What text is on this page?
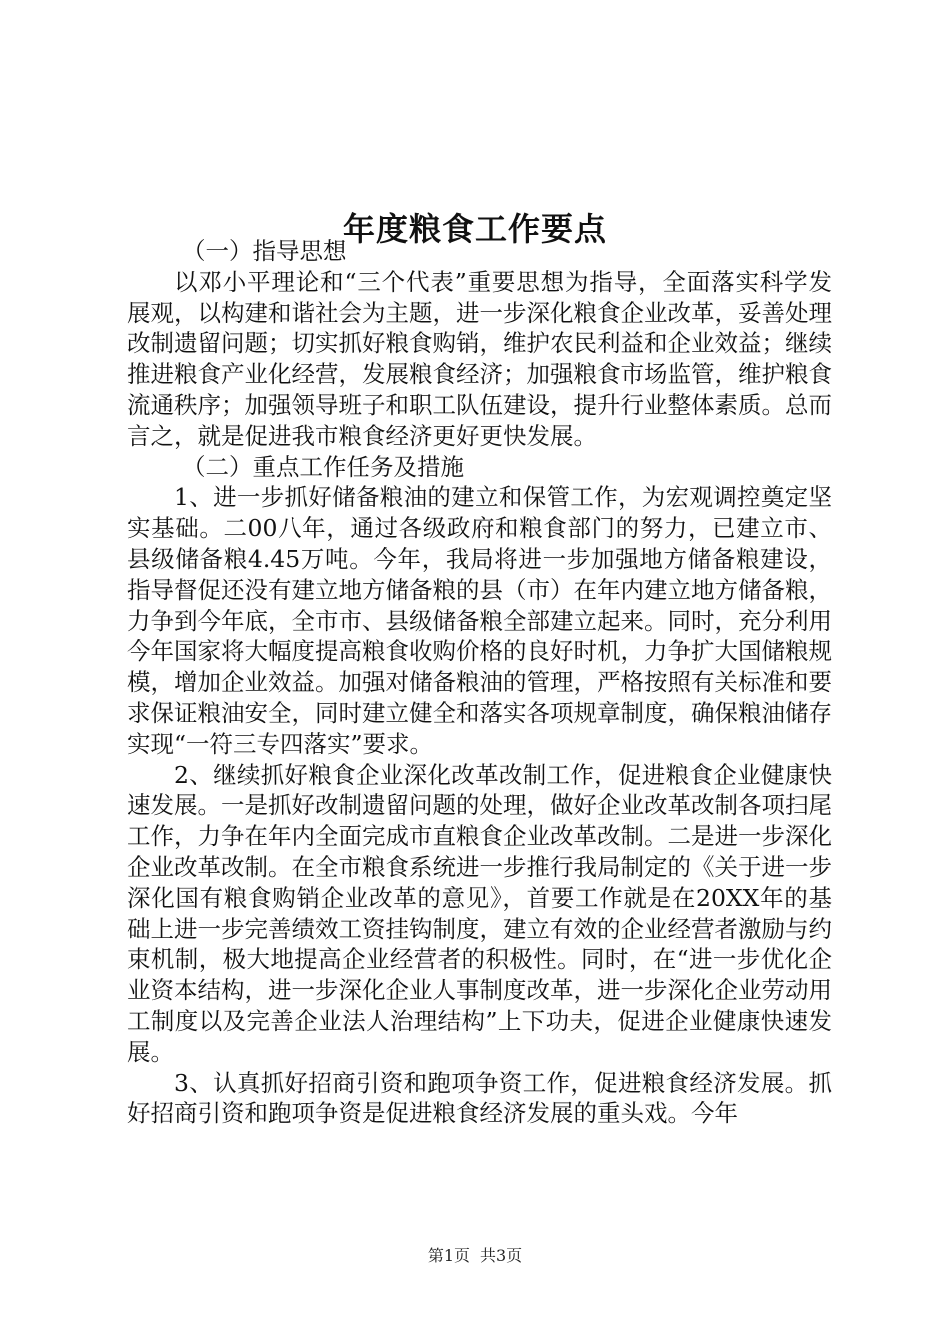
年度粮食工作要点

（一）指导思想

以邓小平理论和“三个代表”重要思想为指导，全面落实科学发展观，以构建和谐社会为主题，进一步深化粮食企业改革，妥善处理改制遗留问题；切实抓好粮食购销，维护农民利益和企业效益；继续推进粮食产业化经营，发展粮食经济；加强粮食市场监管，维护粮食流通秩序；加强领导班子和职工队伍建设，提升行业整体素质。总而言之，就是促进我市粮食经济更好更快发展。

（二）重点工作任务及措施

1、进一步抓好储备粮油的建立和保管工作，为宏观调控奠定坚实基础。二00八年，通过各级政府和粮食部门的努力，已建立市、县级储备粮4.45万吨。今年，我局将进一步加强地方储备粮建设，指导督促还没有建立地方储备粮的县（市）在年内建立地方储备粮，力争到今年底，全市市、县级储备粮全部建立起来。同时，充分利用今年国家将大幅度提高粮食收购价格的良好时机，力争扩大国储粮规模，增加企业效益。加强对储备粮油的管理，严格按照有关标准和要求保证粮油安全，同时建立健全和落实各项规章制度，确保粮油储存实现“一符三专四落实”要求。

2、继续抓好粮食企业深化改革改制工作，促进粮食企业健康快速发展。一是抓好改制遗留问题的处理，做好企业改革改制各项扫尾工作，力争在年内全面完成市直粮食企业改革改制。二是进一步深化企业改革改制。在全市粮食系统进一步推行我局制定的《关于进一步深化国有粮食购销企业改革的意见》，首要工作就是在20XX年的基础上进一步完善绩效工资挂钩制度，建立有效的企业经营者激励与约束机制，极大地提高企业经营者的积极性。同时，在“进一步优化企业资本结构，进一步深化企业人事制度改革，进一步深化企业劳动用工制度以及完善企业法人治理结构”上下功夫，促进企业健康快速发展。

3、认真抓好招商引资和跑项争资工作，促进粮食经济发展。抓好招商引资和跑项争资是促进粮食经济发展的重头戏。今年

第1页 共3页
